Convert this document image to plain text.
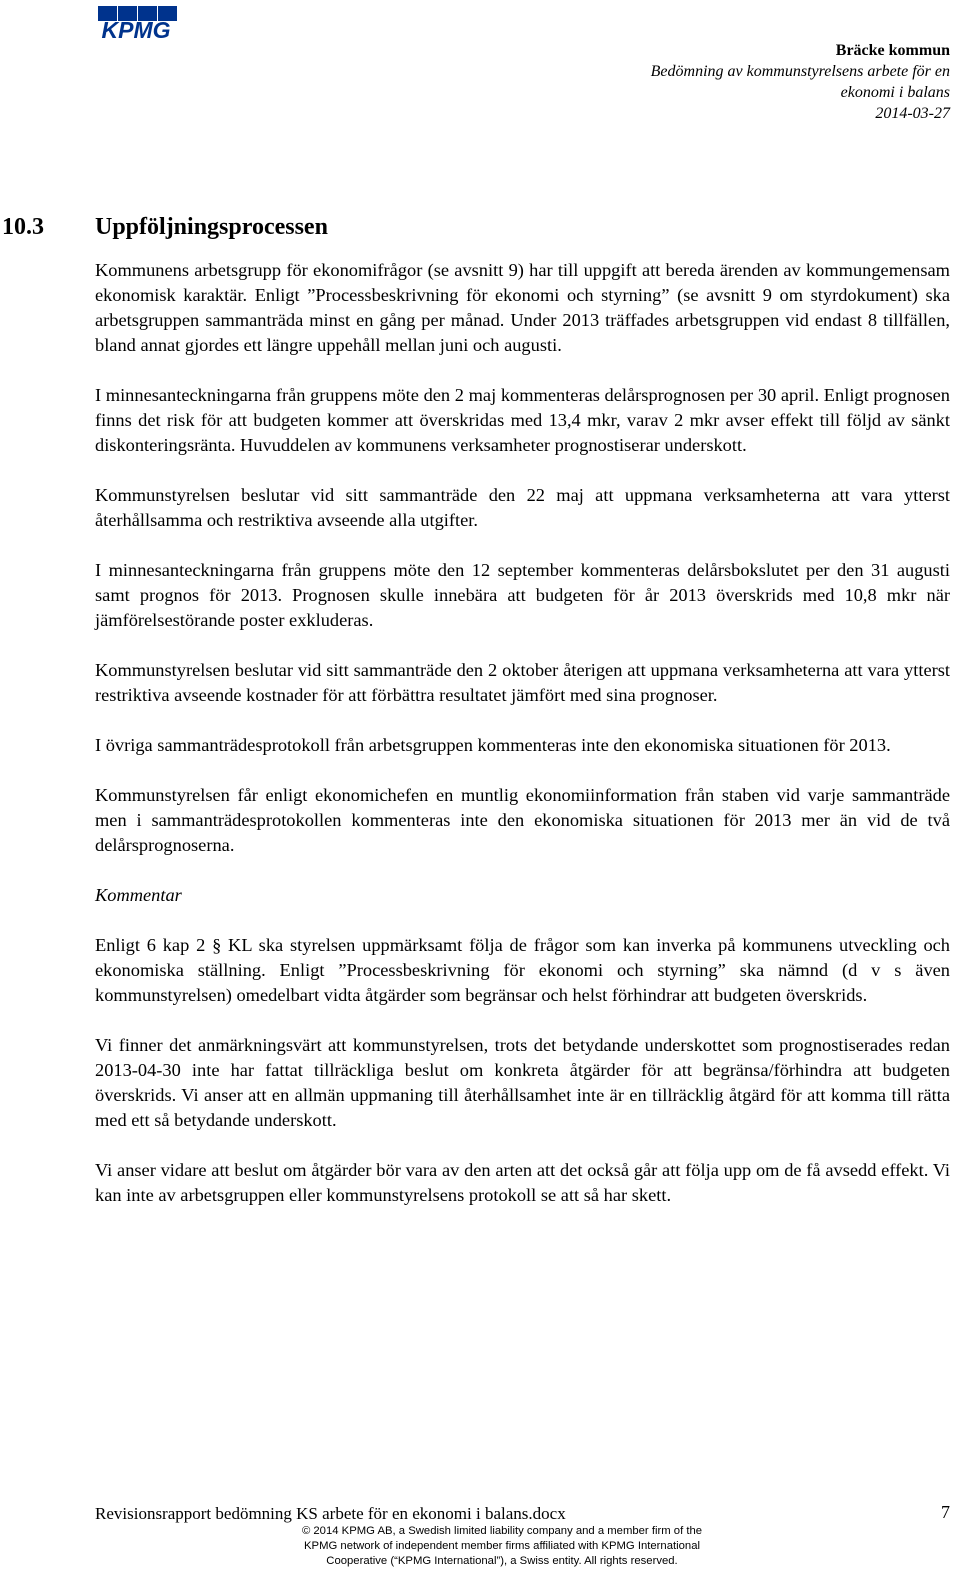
KPMG
Bräcke kommun
Bedömning av kommunstyrelsens arbete för en
ekonomi i balans
2014-03-27
10.3 Uppföljningsprocessen

Kommunens arbetsgrupp för ekonomifrågor (se avsnitt 9) har till uppgift att bereda ärenden av kommungemensam ekonomisk karaktär. Enligt ”Processbeskrivning för ekonomi och styrning” (se avsnitt 9 om styrdokument) ska arbetsgruppen sammanträda minst en gång per månad. Under 2013 träffades arbetsgruppen vid endast 8 tillfällen, bland annat gjordes ett längre uppehåll mellan juni och augusti.

I minnesanteckningarna från gruppens möte den 2 maj kommenteras delårsprognosen per 30 april. Enligt prognosen finns det risk för att budgeten kommer att överskridas med 13,4 mkr, varav 2 mkr avser effekt till följd av sänkt diskonteringsränta. Huvuddelen av kommunens verksamheter prognostiserar underskott.

Kommunstyrelsen beslutar vid sitt sammanträde den 22 maj att uppmana verksamheterna att vara ytterst återhållsamma och restriktiva avseende alla utgifter.

I minnesanteckningarna från gruppens möte den 12 september kommenteras delårsbokslutet per den 31 augusti samt prognos för 2013. Prognosen skulle innebära att budgeten för år 2013 överskrids med 10,8 mkr när jämförelsestörande poster exkluderas.

Kommunstyrelsen beslutar vid sitt sammanträde den 2 oktober återigen att uppmana verksamheterna att vara ytterst restriktiva avseende kostnader för att förbättra resultatet jämfört med sina prognoser.

I övriga sammanträdesprotokoll från arbetsgruppen kommenteras inte den ekonomiska situationen för 2013.

Kommunstyrelsen får enligt ekonomichefen en muntlig ekonomiinformation från staben vid varje sammanträde men i sammanträdesprotokollen kommenteras inte den ekonomiska situationen för 2013 mer än vid de två delårsprognoserna.

Kommentar

Enligt 6 kap 2 § KL ska styrelsen uppmärksamt följa de frågor som kan inverka på kommunens utveckling och ekonomiska ställning. Enligt ”Processbeskrivning för ekonomi och styrning” ska nämnd (d v s även kommunstyrelsen) omedelbart vidta åtgärder som begränsar och helst förhindrar att budgeten överskrids.

Vi finner det anmärkningsvärt att kommunstyrelsen, trots det betydande underskottet som prognostiserades redan 2013-04-30 inte har fattat tillräckliga beslut om konkreta åtgärder för att begränsa/förhindra att budgeten överskrids. Vi anser att en allmän uppmaning till återhållsamhet inte är en tillräcklig åtgärd för att komma till rätta med ett så betydande underskott.

Vi anser vidare att beslut om åtgärder bör vara av den arten att det också går att följa upp om de få avsedd effekt. Vi kan inte av arbetsgruppen eller kommunstyrelsens protokoll se att så har skett.

Revisionsrapport bedömning KS arbete för en ekonomi i balans.docx	7
© 2014 KPMG AB, a Swedish limited liability company and a member firm of the
KPMG network of independent member firms affiliated with KPMG International
Cooperative (“KPMG International”), a Swiss entity. All rights reserved.
